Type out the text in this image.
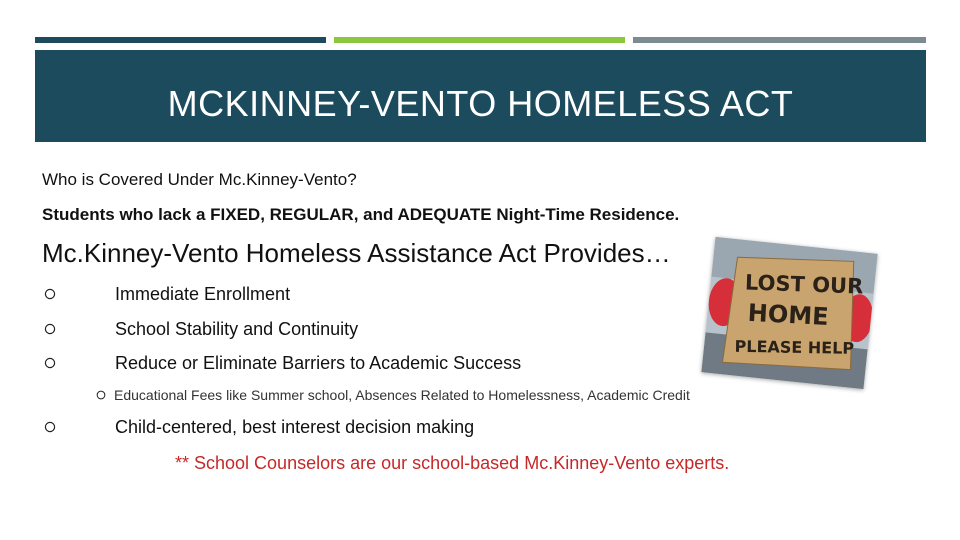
MCKINNEY-VENTO HOMELESS ACT
Who is Covered Under Mc.Kinney-Vento?
Students who lack a FIXED, REGULAR, and ADEQUATE Night-Time Residence.
Mc.Kinney-Vento Homeless Assistance Act Provides…
Immediate Enrollment
School Stability and Continuity
Reduce or Eliminate Barriers to Academic Success
Educational Fees like Summer school, Absences Related to Homelessness, Academic Credit
Child-centered, best interest decision making
** School Counselors are our school-based Mc.Kinney-Vento experts.
LOST OUR
HOME
PLEASE HELP
